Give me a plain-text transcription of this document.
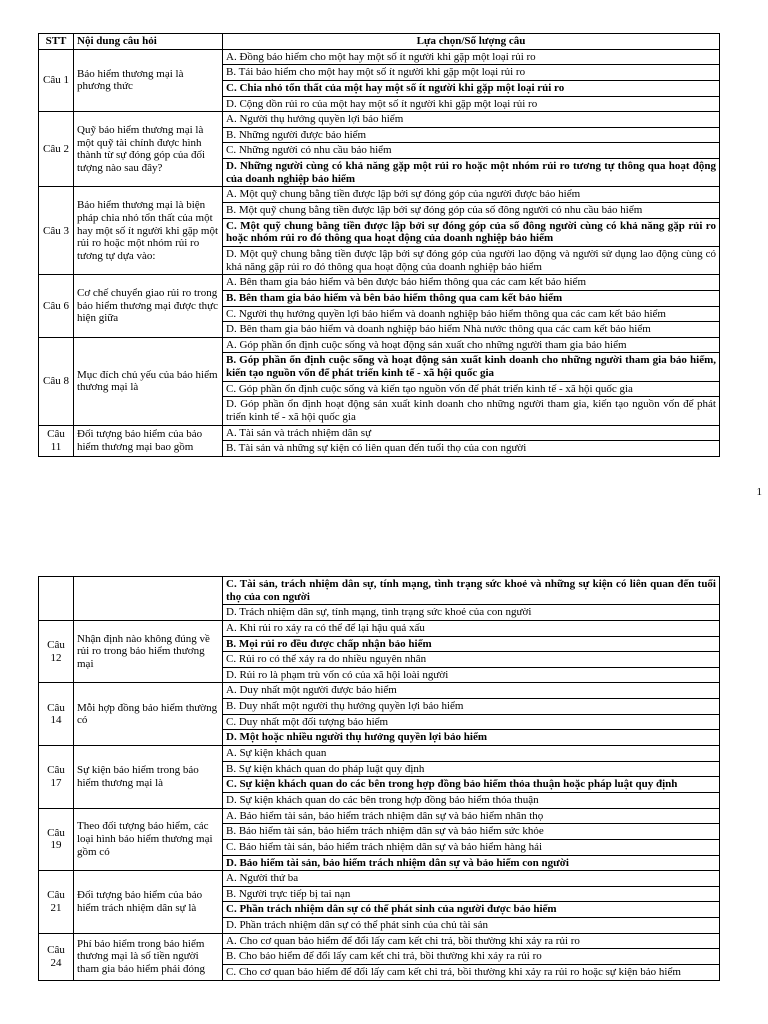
STT	Nội dung câu hỏi	Lựa chọn/Số lượng câu
Câu 1	Bảo hiểm thương mại là phương thức	A. Đồng bảo hiểm cho một hay một số ít người khi gặp một loại rủi ro
		B. Tái bảo hiểm cho một hay một số ít người khi gặp một loại rủi ro
		C. Chia nhỏ tổn thất của một hay một số ít người khi gặp một loại rủi ro
		D. Cộng dồn rủi ro của một hay một số ít người khi gặp một loại rủi ro
Câu 2	Quỹ bảo hiểm thương mại là một quỹ tài chính được hình thành từ sự đóng góp của đối tượng nào sau đây?	A. Người thụ hưởng quyền lợi bảo hiểm
		B. Những người được bảo hiểm
		C. Những người có nhu cầu bảo hiểm
		D. Những người cùng có khả năng gặp một rủi ro hoặc một nhóm rủi ro tương tự thông qua hoạt động của doanh nghiệp bảo hiểm
Câu 3	Bảo hiểm thương mại là biện pháp chia nhỏ tổn thất của một hay một số ít người khi gặp một rủi ro hoặc một nhóm rủi ro tương tự dựa vào:	A. Một quỹ chung bằng tiền được lập bởi sự đóng góp của người được bảo hiểm
		B. Một quỹ chung bằng tiền được lập bởi sự đóng góp của số đông người có nhu cầu bảo hiểm
		C. Một quỹ chung bằng tiền được lập bởi sự đóng góp của số đông người cùng có khả năng gặp rủi ro hoặc nhóm rủi ro đó thông qua hoạt động của doanh nghiệp bảo hiểm
		D. Một quỹ chung bằng tiền được lập bởi sự đóng góp của người lao động và người sử dụng lao động cùng có khả năng gặp rủi ro đó thông qua hoạt động của doanh nghiệp bảo hiểm
Câu 6	Cơ chế chuyển giao rủi ro trong bảo hiểm thương mại được thực hiện giữa	A. Bên tham gia bảo hiểm và bên được bảo hiểm thông qua các cam kết bảo hiểm
		B. Bên tham gia bảo hiểm và bên bảo hiểm thông qua cam kết bảo hiểm
		C. Người thụ hưởng quyền lợi bảo hiểm và doanh nghiệp bảo hiểm thông qua các cam kết bảo hiểm
		D. Bên tham gia bảo hiểm và doanh nghiệp bảo hiểm Nhà nước thông qua các cam kết bảo hiểm
Câu 8	Mục đích chủ yếu của bảo hiểm thương mại là	A. Góp phần ổn định cuộc sống và hoạt động sản xuất cho những người tham gia bảo hiểm
		B. Góp phần ổn định cuộc sống và hoạt động sản xuất kinh doanh cho những người tham gia bảo hiểm, kiến tạo nguồn vốn để phát triển kinh tế - xã hội quốc gia
		C. Góp phần ổn định cuộc sống và kiến tạo nguồn vốn để phát triển kinh tế - xã hội quốc gia
		D. Góp phần ổn định hoạt động sản xuất kinh doanh cho những người tham gia, kiến tạo nguồn vốn để phát triển kinh tế - xã hội quốc gia
Câu 11	Đối tượng bảo hiểm của bảo hiểm thương mại bao gồm	A. Tài sản và trách nhiệm dân sự
		B. Tài sản và những sự kiện có liên quan đến tuổi thọ của con người
1
		C. Tài sản, trách nhiệm dân sự, tính mạng, tình trạng sức khoẻ và những sự kiện có liên quan đến tuổi thọ của con người
		D. Trách nhiệm dân sự, tính mạng, tình trạng sức khoẻ của con người
Câu 12	Nhận định nào không đúng về rủi ro trong bảo hiểm thương mại	A. Khi rủi ro xảy ra có thể để lại hậu quả xấu
		B. Mọi rủi ro đều được chấp nhận bảo hiểm
		C. Rủi ro có thể xảy ra do nhiều nguyên nhân
		D. Rủi ro là phạm trù vốn có của xã hội loài người
Câu 14	Mỗi hợp đồng bảo hiểm thường có	A. Duy nhất một người được bảo hiểm
		B. Duy nhất một người thụ hưởng quyền lợi bảo hiểm
		C. Duy nhất một đối tượng bảo hiểm
		D. Một hoặc nhiều người thụ hưởng quyền lợi bảo hiểm
Câu 17	Sự kiện bảo hiểm trong bảo hiểm thương mại là	A. Sự kiện khách quan
		B. Sự kiện khách quan do pháp luật quy định
		C. Sự kiện khách quan do các bên trong hợp đồng bảo hiểm thỏa thuận hoặc pháp luật quy định
		D. Sự kiện khách quan do các bên trong hợp đồng bảo hiểm thỏa thuận
Câu 19	Theo đối tượng bảo hiểm, các loại hình bảo hiểm thương mại gồm có	A. Bảo hiểm tài sản, bảo hiểm trách nhiệm dân sự và bảo hiểm nhân thọ
		B. Bảo hiểm tài sản, bảo hiểm trách nhiệm dân sự và bảo hiểm sức khỏe
		C. Bảo hiểm tài sản, bảo hiểm trách nhiệm dân sự và bảo hiểm hàng hải
		D. Bảo hiểm tài sản, bảo hiểm trách nhiệm dân sự và bảo hiểm con người
Câu 21	Đối tượng bảo hiểm của bảo hiểm trách nhiệm dân sự là	A. Người thứ ba
		B. Người trực tiếp bị tai nạn
		C. Phần trách nhiệm dân sự có thể phát sinh của người được bảo hiểm
		D. Phần trách nhiệm dân sự có thể phát sinh của chủ tài sản
Câu 24	Phí bảo hiểm trong bảo hiểm thương mại là số tiền người tham gia bảo hiểm phải đóng	A. Cho cơ quan bảo hiểm để đổi lấy cam kết chi trả, bồi thường khi xảy ra rủi ro
		B. Cho bảo hiểm để đổi lấy cam kết chi trả, bồi thường khi xảy ra rủi ro
		C. Cho cơ quan bảo hiểm để đổi lấy cam kết chi trả, bồi thường khi xảy ra rủi ro hoặc sự kiện bảo hiểm
